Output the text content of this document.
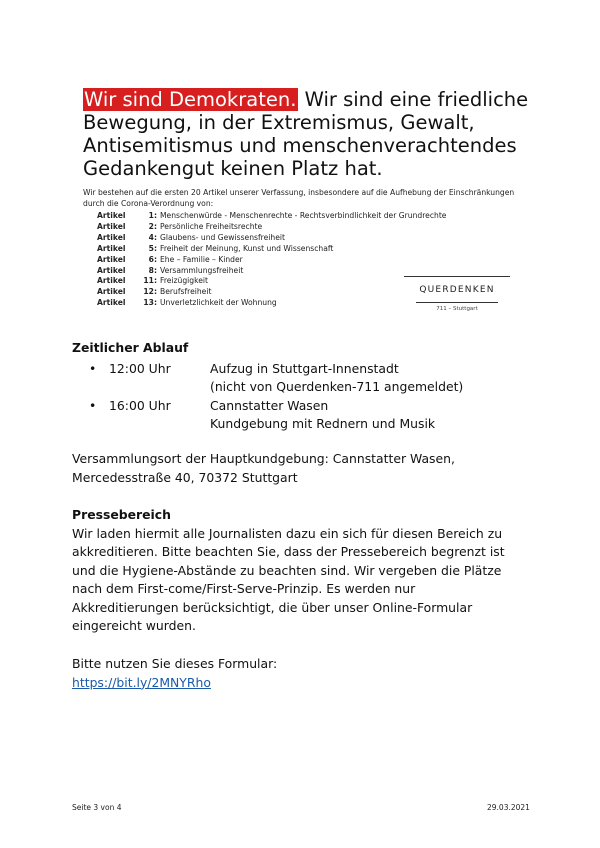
Wir sind Demokraten. Wir sind eine friedliche Bewegung, in der Extremismus, Gewalt, Antisemitismus und menschenverachtendes Gedankengut keinen Platz hat.
Wir bestehen auf die ersten 20 Artikel unserer Verfassung, insbesondere auf die Aufhebung der Einschränkungen durch die Corona-Verordnung von:
Artikel	1: Menschenwürde - Menschenrechte - Rechtsverbindlichkeit der Grundrechte
Artikel	2: Persönliche Freiheitsrechte
Artikel	4: Glaubens- und Gewissensfreiheit
Artikel	5: Freiheit der Meinung, Kunst und Wissenschaft
Artikel	6: Ehe – Familie – Kinder
Artikel	8: Versammlungsfreiheit
Artikel	11: Freizügigkeit
Artikel	12: Berufsfreiheit
Artikel	13: Unverletzlichkeit der Wohnung
QUERDENKEN
711 – Stuttgart
Zeitlicher Ablauf
•	12:00 Uhr	Aufzug in Stuttgart-Innenstadt
(nicht von Querdenken-711 angemeldet)
•	16:00 Uhr	Cannstatter Wasen
Kundgebung mit Rednern und Musik
Versammlungsort der Hauptkundgebung: Cannstatter Wasen,
Mercedesstraße 40, 70372 Stuttgart
Pressebereich
Wir laden hiermit alle Journalisten dazu ein sich für diesen Bereich zu
akkreditieren. Bitte beachten Sie, dass der Pressebereich begrenzt ist
und die Hygiene-Abstände zu beachten sind. Wir vergeben die Plätze
nach dem First-come/First-Serve-Prinzip. Es werden nur
Akkreditierungen berücksichtigt, die über unser Online-Formular
eingereicht wurden.
Bitte nutzen Sie dieses Formular:
https://bit.ly/2MNYRho
Seite 3 von 4	29.03.2021
